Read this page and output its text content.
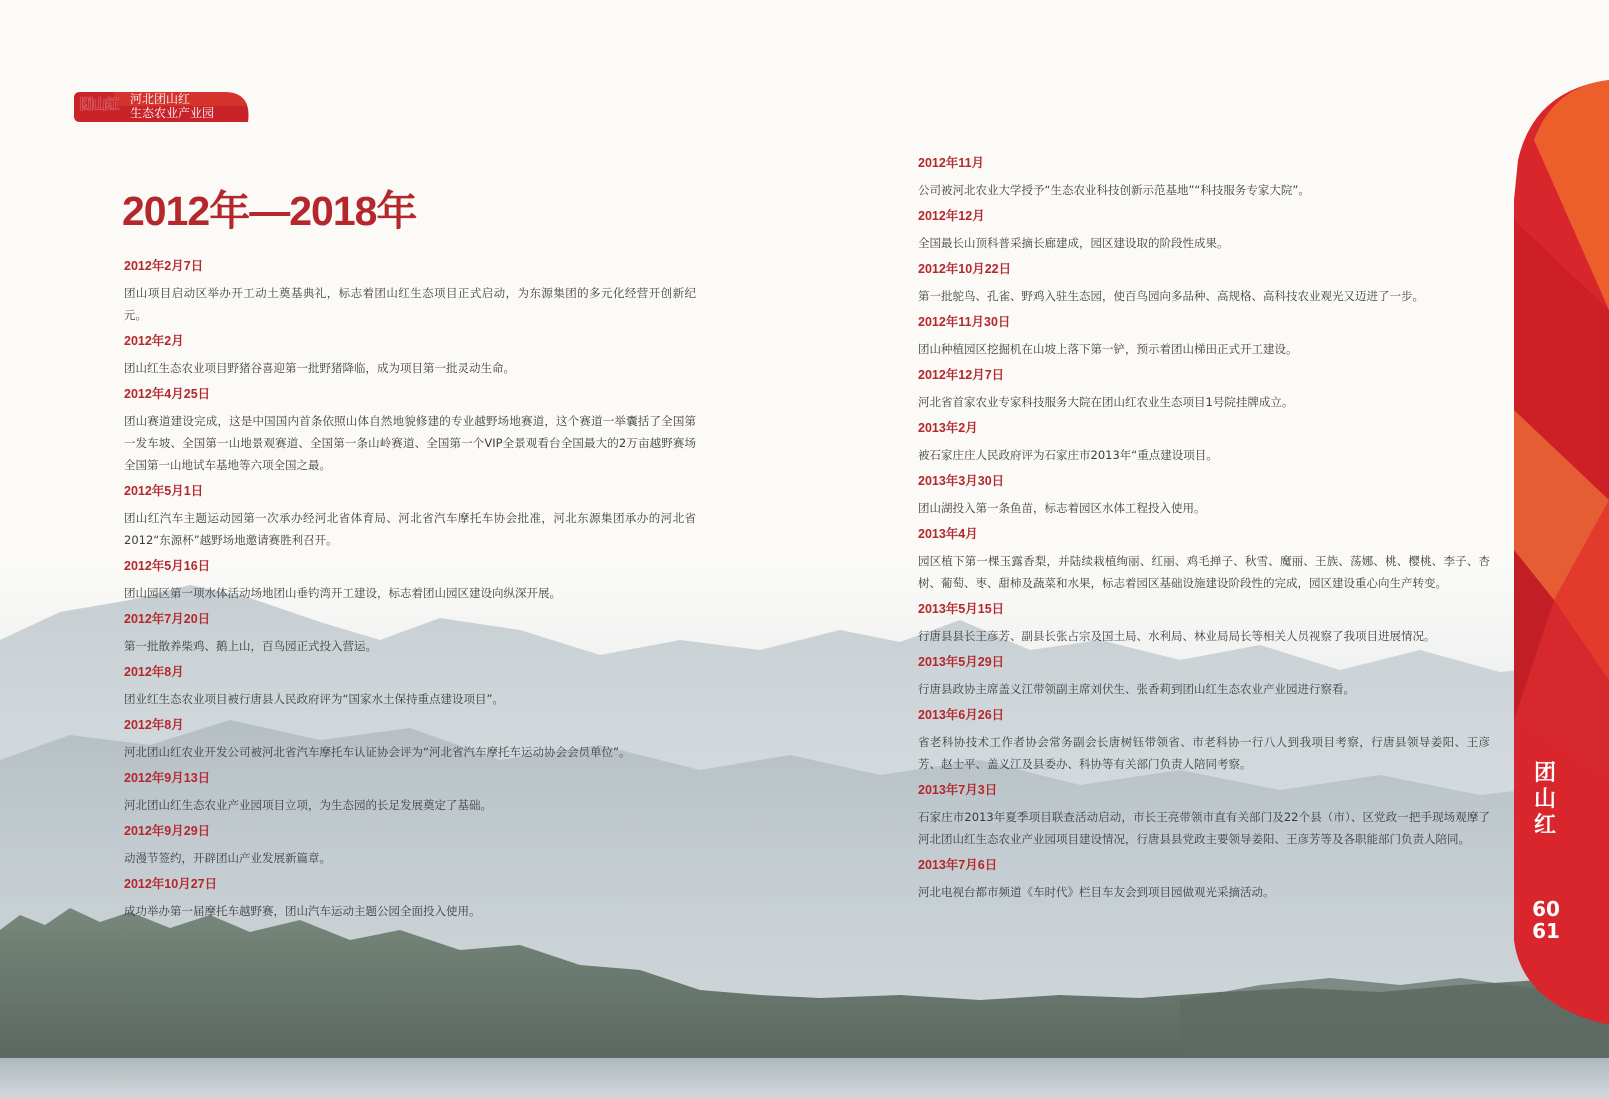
团山红 河北团山红
生态农业产业园
2012年—2018年
2012年2月7日
团山项目启动区举办开工动土奠基典礼，标志着团山红生态项目正式启动，为东源集团的多元化经营开创新纪元。
2012年2月
团山红生态农业项目野猪谷喜迎第一批野猪降临，成为项目第一批灵动生命。
2012年4月25日
团山赛道建设完成，这是中国国内首条依照山体自然地貌修建的专业越野场地赛道，这个赛道一举囊括了全国第一发车坡、全国第一山地景观赛道、全国第一条山岭赛道、全国第一个VIP全景观看台全国最大的2万亩越野赛场全国第一山地试车基地等六项全国之最。
2012年5月1日
团山红汽车主题运动园第一次承办经河北省体育局、河北省汽车摩托车协会批准，河北东源集团承办的河北省2012“东源杯”越野场地邀请赛胜利召开。
2012年5月16日
团山园区第一项水体活动场地团山垂钓湾开工建设，标志着团山园区建设向纵深开展。
2012年7月20日
第一批散养柴鸡、鹅上山，百鸟园正式投入营运。
2012年8月
团业红生态农业项目被行唐县人民政府评为“国家水土保持重点建设项目”。
2012年8月
河北团山红农业开发公司被河北省汽车摩托车认证协会评为“河北省汽车摩托车运动协会会员单位”。
2012年9月13日
河北团山红生态农业产业园项目立项，为生态园的长足发展奠定了基础。
2012年9月29日
动漫节签约，开辟团山产业发展新篇章。
2012年10月27日
成功举办第一届摩托车越野赛，团山汽车运动主题公园全面投入使用。
2012年11月
公司被河北农业大学授予“生态农业科技创新示范基地”“科技服务专家大院”。
2012年12月
全国最长山顶科普采摘长廊建成，园区建设取的阶段性成果。
2012年10月22日
第一批鸵鸟、孔雀、野鸡入驻生态园，使百鸟园向多品种、高规格、高科技农业观光又迈进了一步。
2012年11月30日
团山种植园区挖掘机在山坡上落下第一铲，预示着团山梯田正式开工建设。
2012年12月7日
河北省首家农业专家科技服务大院在团山红农业生态项目1号院挂牌成立。
2013年2月
被石家庄庄人民政府评为石家庄市2013年“重点建设项目。
2013年3月30日
团山湖投入第一条鱼苗，标志着园区水体工程投入使用。
2013年4月
园区植下第一棵玉露香梨，并陆续栽植绚丽、红丽、鸡毛掸子、秋雪、魔丽、王族、荡娜、桃、樱桃、李子、杏树、葡萄、枣、甜柿及蔬菜和水果，标志着园区基础设施建设阶段性的完成，园区建设重心向生产转变。
2013年5月15日
行唐县县长王彦芳、副县长张占宗及国土局、水利局、林业局局长等相关人员视察了我项目进展情况。
2013年5月29日
行唐县政协主席盖义江带领副主席刘伏生、张香莉到团山红生态农业产业园进行察看。
2013年6月26日
省老科协技术工作者协会常务副会长唐树钰带领省、市老科协一行八人到我项目考察，行唐县领导姜阳、王彦芳、赵士平、盖义江及县委办、科协等有关部门负责人陪同考察。
2013年7月3日
石家庄市2013年夏季项目联查活动启动，市长王亮带领市直有关部门及22个县（市）、区党政一把手现场观摩了河北团山红生态农业产业园项目建设情况，行唐县县党政主要领导姜阳、王彦芳等及各职能部门负责人陪同。
2013年7月6日
河北电视台都市频道《车时代》栏目车友会到项目园做观光采摘活动。
团
山
红
60
61
